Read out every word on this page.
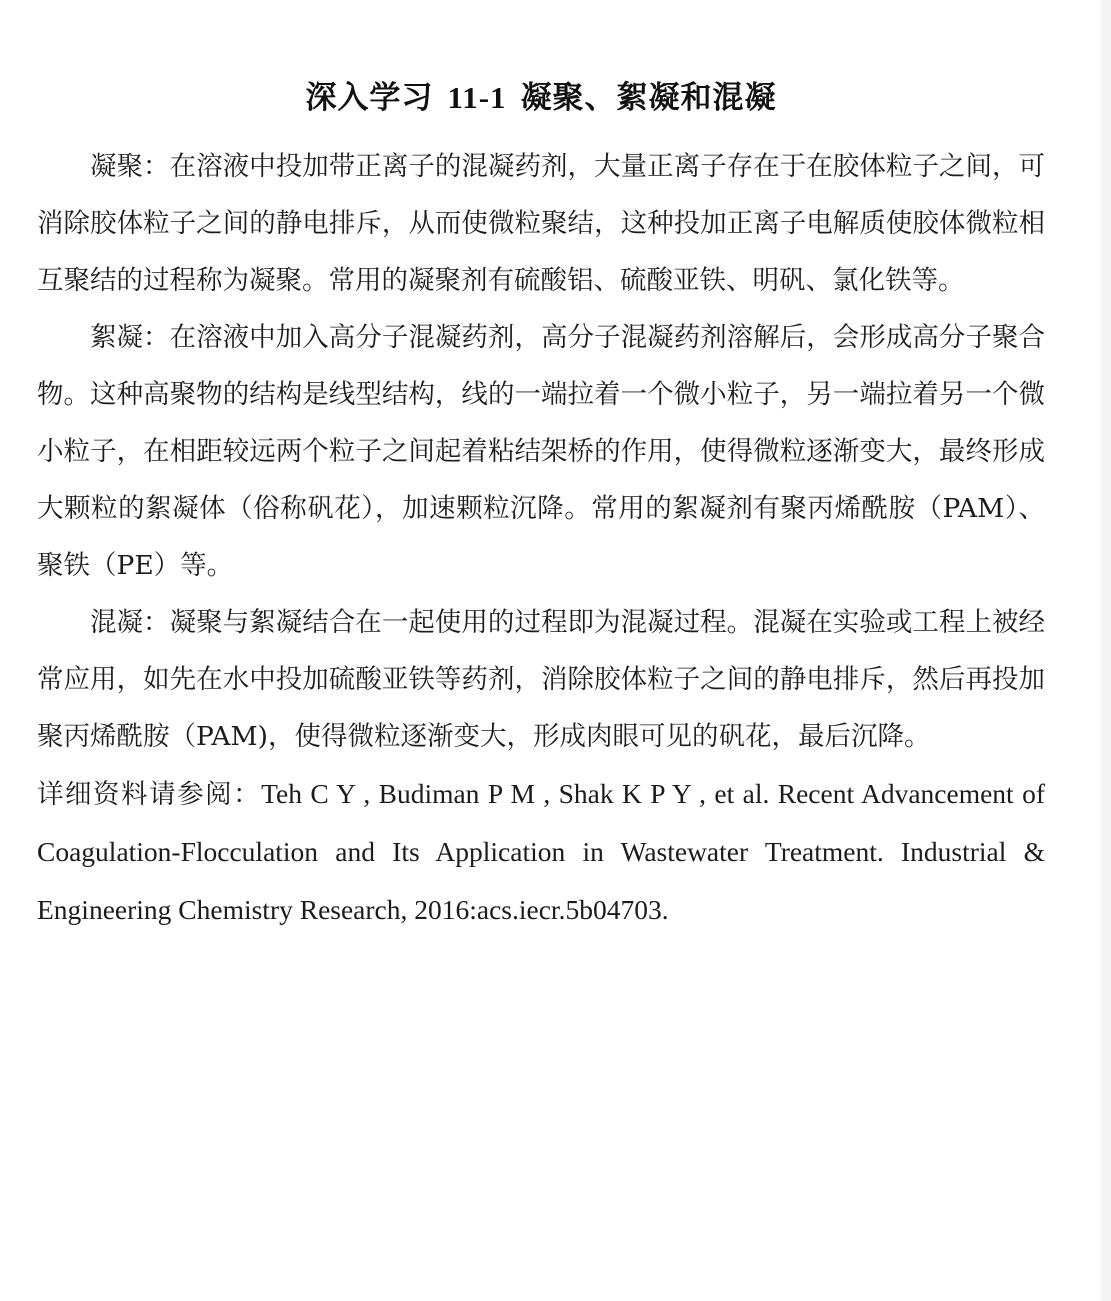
深入学习 11-1 凝聚、絮凝和混凝

凝聚：在溶液中投加带正离子的混凝药剂，大量正离子存在于在胶体粒子之间，可消除胶体粒子之间的静电排斥，从而使微粒聚结，这种投加正离子电解质使胶体微粒相互聚结的过程称为凝聚。常用的凝聚剂有硫酸铝、硫酸亚铁、明矾、氯化铁等。

絮凝：在溶液中加入高分子混凝药剂，高分子混凝药剂溶解后，会形成高分子聚合物。这种高聚物的结构是线型结构，线的一端拉着一个微小粒子，另一端拉着另一个微小粒子，在相距较远两个粒子之间起着粘结架桥的作用，使得微粒逐渐变大，最终形成大颗粒的絮凝体（俗称矾花），加速颗粒沉降。常用的絮凝剂有聚丙烯酰胺（PAM）、聚铁（PE）等。

混凝：凝聚与絮凝结合在一起使用的过程即为混凝过程。混凝在实验或工程上被经常应用，如先在水中投加硫酸亚铁等药剂，消除胶体粒子之间的静电排斥，然后再投加聚丙烯酰胺（PAM)，使得微粒逐渐变大，形成肉眼可见的矾花，最后沉降。

详细资料请参阅：Teh C Y , Budiman P M , Shak K P Y , et al. Recent Advancement of Coagulation-Flocculation and Its Application in Wastewater Treatment. Industrial & Engineering Chemistry Research, 2016:acs.iecr.5b04703.
